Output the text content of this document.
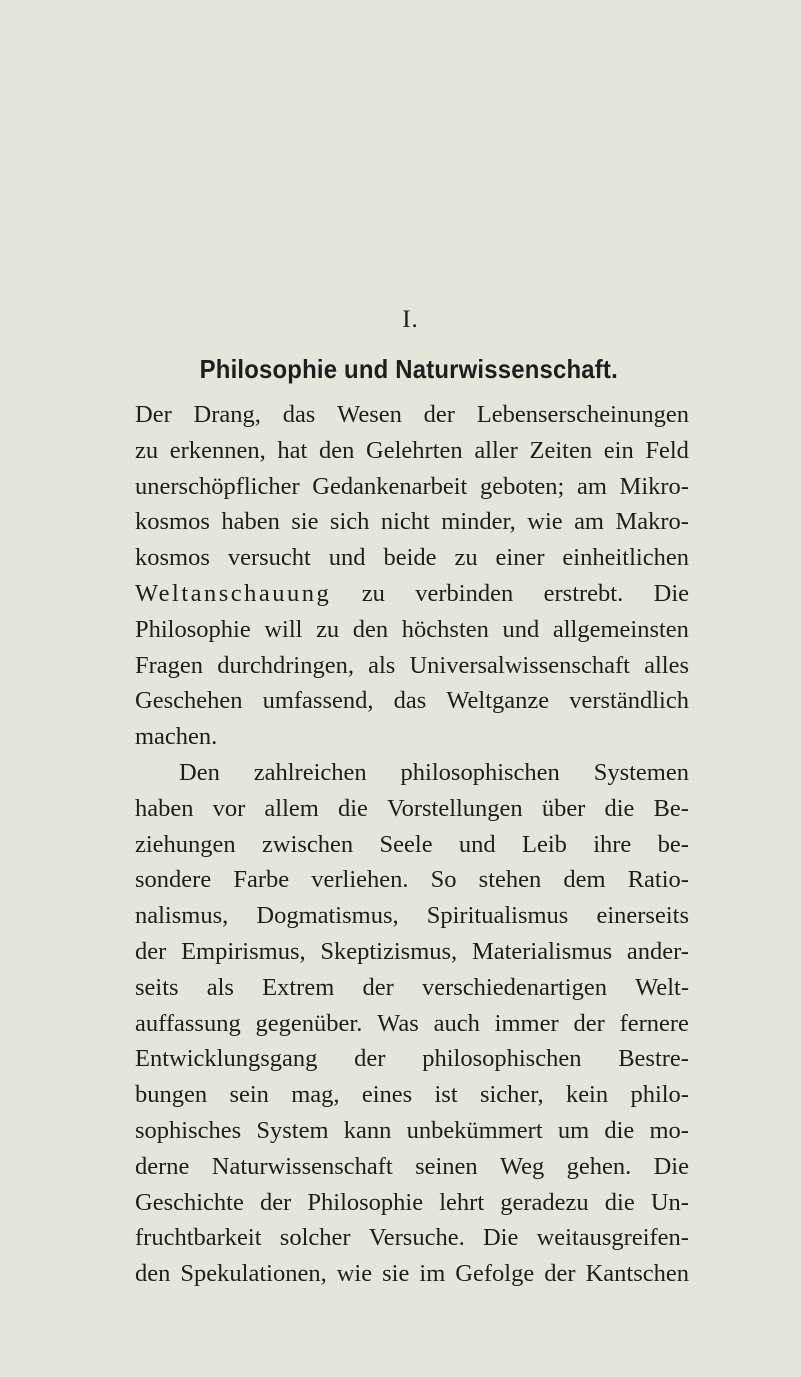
I.
Philosophie und Naturwissenschaft.
Der Drang, das Wesen der Lebenserscheinungen
zu erkennen, hat den Gelehrten aller Zeiten ein Feld
unerschöpflicher Gedankenarbeit geboten; am Mikro-
kosmos haben sie sich nicht minder, wie am Makro-
kosmos versucht und beide zu einer einheitlichen
Weltanschauung zu verbinden erstrebt. Die
Philosophie will zu den höchsten und allgemeinsten
Fragen durchdringen, als Universalwissenschaft alles
Geschehen umfassend, das Weltganze verständlich
machen.
Den zahlreichen philosophischen Systemen
haben vor allem die Vorstellungen über die Be-
ziehungen zwischen Seele und Leib ihre be-
sondere Farbe verliehen. So stehen dem Ratio-
nalismus, Dogmatismus, Spiritualismus einerseits
der Empirismus, Skeptizismus, Materialismus ander-
seits als Extrem der verschiedenartigen Welt-
auffassung gegenüber. Was auch immer der fernere
Entwicklungsgang der philosophischen Bestre-
bungen sein mag, eines ist sicher, kein philo-
sophisches System kann unbekümmert um die mo-
derne Naturwissenschaft seinen Weg gehen. Die
Geschichte der Philosophie lehrt geradezu die Un-
fruchtbarkeit solcher Versuche. Die weitausgreifen-
den Spekulationen, wie sie im Gefolge der Kantschen
